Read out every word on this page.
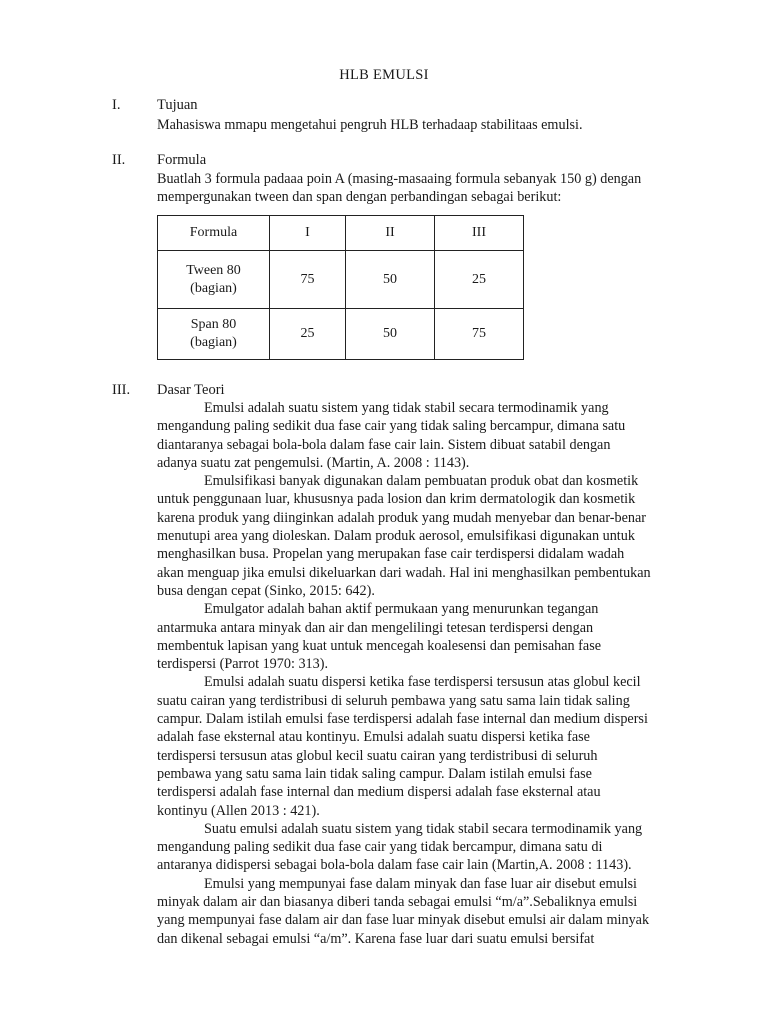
HLB EMULSI
I.	Tujuan
Mahasiswa mmapu mengetahui pengruh HLB terhadaap stabilitaas emulsi.
II. Formula
Buatlah 3 formula padaaa poin A (masing-masaaing formula sebanyak 150 g) dengan
mempergunakan tween dan span dengan perbandingan sebagai berikut:
Formula	I	II	III

Tween 80
(bagian)	75	50	25

Span 80
(bagian)	25	50	75
III. Dasar Teori
Emulsi adalah suatu sistem yang tidak stabil secara termodinamik yang
mengandung paling sedikit dua fase cair yang tidak saling bercampur, dimana satu
diantaranya sebagai bola-bola dalam fase cair lain. Sistem dibuat satabil dengan
adanya suatu zat pengemulsi. (Martin, A. 2008 : 1143).
Emulsifikasi banyak digunakan dalam pembuatan produk obat dan kosmetik
untuk penggunaan luar, khususnya pada losion dan krim dermatologik dan kosmetik
karena produk yang diinginkan adalah produk yang mudah menyebar dan benar-benar
menutupi area yang dioleskan. Dalam produk aerosol, emulsifikasi digunakan untuk
menghasilkan busa. Propelan yang merupakan fase cair terdispersi didalam wadah
akan menguap jika emulsi dikeluarkan dari wadah. Hal ini menghasilkan pembentukan
busa dengan cepat (Sinko, 2015: 642).
Emulgator adalah bahan aktif permukaan yang menurunkan tegangan
antarmuka antara minyak dan air dan mengelilingi tetesan terdispersi dengan
membentuk lapisan yang kuat untuk mencegah koalesensi dan pemisahan fase
terdispersi (Parrot 1970: 313).
Emulsi adalah suatu dispersi ketika fase terdispersi tersusun atas globul kecil
suatu cairan yang terdistribusi di seluruh pembawa yang satu sama lain tidak saling
campur. Dalam istilah emulsi fase terdispersi adalah fase internal dan medium dispersi
adalah fase eksternal atau kontinyu. Emulsi adalah suatu dispersi ketika fase
terdispersi tersusun atas globul kecil suatu cairan yang terdistribusi di seluruh
pembawa yang satu sama lain tidak saling campur. Dalam istilah emulsi fase
terdispersi adalah fase internal dan medium dispersi adalah fase eksternal atau
kontinyu (Allen 2013 : 421).
Suatu emulsi adalah suatu sistem yang tidak stabil secara termodinamik yang
mengandung paling sedikit dua fase cair yang tidak bercampur, dimana satu di
antaranya didispersi sebagai bola-bola dalam fase cair lain (Martin,A. 2008 : 1143).
Emulsi yang mempunyai fase dalam minyak dan fase luar air disebut emulsi
minyak dalam air dan biasanya diberi tanda sebagai emulsi “m/a”.Sebaliknya emulsi
yang mempunyai fase dalam air dan fase luar minyak disebut emulsi air dalam minyak
dan dikenal sebagai emulsi “a/m”. Karena fase luar dari suatu emulsi bersifat
